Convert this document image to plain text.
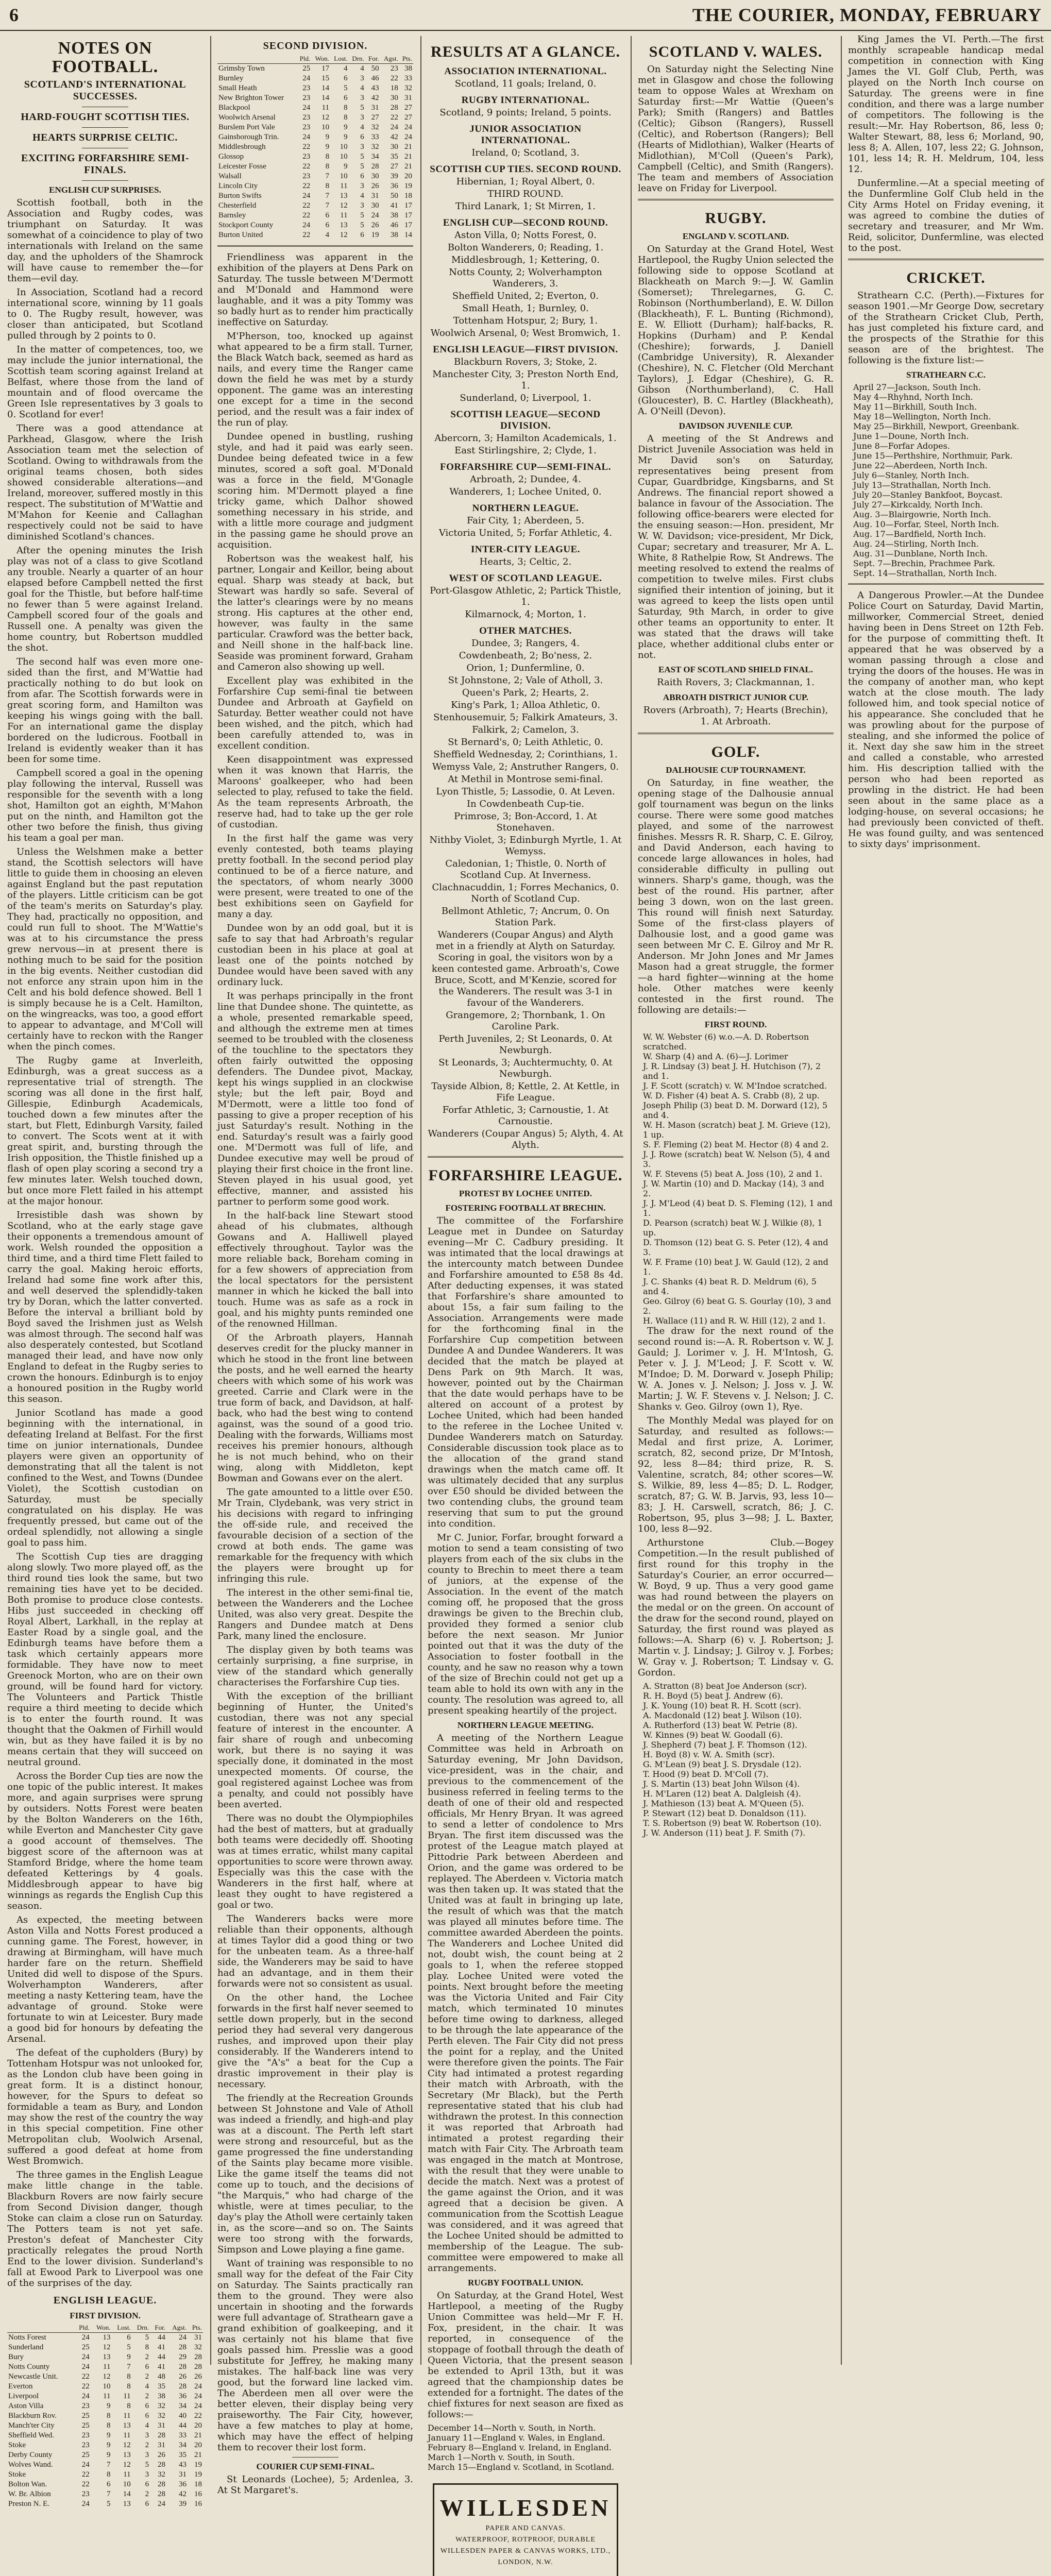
6	THE COURIER, MONDAY, FEBRUARY
NOTES ON FOOTBALL.
SCOTLAND'S INTERNATIONAL SUCCESSES.
HARD-FOUGHT SCOTTISH TIES.
HEARTS SURPRISE CELTIC.
EXCITING FORFARSHIRE SEMI-FINALS.
ENGLISH CUP SURPRISES.

Scottish football, both in the Association and Rugby codes, was triumphant on Saturday. It was somewhat of a coincidence to play of two internationals with Ireland on the same day, and the upholders of the Shamrock will have cause to remember the—for them—evil day.

In Association, Scotland had a record international score, winning by 11 goals to 0. The Rugby result, however, was closer than anticipated, but Scotland pulled through by 2 points to 0.

In the matter of competences, too, we may include the junior international, the Scottish team scoring against Ireland at Belfast, where those from the land of mountain and of flood overcame the Green Isle representatives by 3 goals to 0. Scotland for ever!

There was a good attendance at Parkhead, Glasgow, where the Irish Association team met the selection of Scotland. Owing to withdrawals from the original teams chosen, both sides showed considerable alterations—and Ireland, moreover, suffered mostly in this respect. The substitution of M'Wattie and M'Mahon for Keenie and Callaghan respectively could not be said to have diminished Scotland's chances.

After the opening minutes the Irish play was not of a class to give Scotland any trouble. Nearly a quarter of an hour elapsed before Campbell netted the first goal for the Thistle, but before half-time no fewer than 5 were against Ireland. Campbell scored four of the goals and Russell one. A penalty was given the home country, but Robertson muddled the shot.

The second half was even more one-sided than the first, and M'Wattie had practically nothing to do but look on from afar. The Scottish forwards were in great scoring form, and Hamilton was keeping his wings going with the ball. For an international game the display bordered on the ludicrous. Football in Ireland is evidently weaker than it has been for some time.

Campbell scored a goal in the opening play following the interval, Russell was responsible for the seventh with a long shot, Hamilton got an eighth, M'Mahon put on the ninth, and Hamilton got the other two before the finish, thus giving his team a goal per man.

Unless the Welshmen make a better stand, the Scottish selectors will have little to guide them in choosing an eleven against England but the past reputation of the players. Little criticism can be got of the team's merits on Saturday's play. They had, practically no opposition, and could run full to shoot. The M'Wattie's was at to his circumstance the press grew nervous—in at present there is nothing much to be said for the position in the big events. Neither custodian did not enforce any strain upon him in the Celt and his bold defence showed. Bell 1 is simply because he is a Celt. Hamilton, on the wingreacks, was too, a good effort to appear to advantage, and M'Coll will certainly have to reckon with the Ranger when the pinch comes.

The Rugby game at Inverleith, Edinburgh, was a great success as a representative trial of strength. The scoring was all done in the first half, Gillespie, Edinburgh Academicals, touched down a few minutes after the start, but Flett, Edinburgh Varsity, failed to convert. The Scots went at it with great spirit, and, bursting through the Irish opposition, the Thistle finished up a flash of open play scoring a second try a few minutes later. Welsh touched down, but once more Flett failed in his attempt at the major honour.

Irresistible dash was shown by Scotland, who at the early stage gave their opponents a tremendous amount of work. Welsh rounded the opposition a third time, and a third time Flett failed to carry the goal. Making heroic efforts, Ireland had some fine work after this, and well deserved the splendidly-taken try by Doran, which the latter converted. Before the interval a brilliant bold by Boyd saved the Irishmen just as Welsh was almost through. The second half was also desperately contested, but Scotland managed their lead, and have now only England to defeat in the Rugby series to crown the honours. Edinburgh is to enjoy a honoured position in the Rugby world this season.

Junior Scotland has made a good beginning with the international, in defeating Ireland at Belfast. For the first time on junior internationals, Dundee players were given an opportunity of demonstrating that all the talent is not confined to the West, and Towns (Dundee Violet), the Scottish custodian on Saturday, must be specially congratulated on his display. He was frequently pressed, but came out of the ordeal splendidly, not allowing a single goal to pass him.

The Scottish Cup ties are dragging along slowly. Two more played off, as the third round ties look the same, but two remaining ties have yet to be decided. Both promise to produce close contests. Hibs just succeeded in checking off Royal Albert, Larkhall, in the replay at Easter Road by a single goal, and the Edinburgh teams have before them a task which certainly appears more formidable. They have now to meet Greenock Morton, who are on their own ground, will be found hard for victory. The Volunteers and Partick Thistle require a third meeting to decide which is to enter the fourth round. It was thought that the Oakmen of Firhill would win, but as they have failed it is by no means certain that they will succeed on neutral ground.

Across the Border Cup ties are now the one topic of the public interest. It makes more, and again surprises were sprung by outsiders. Notts Forest were beaten by the Bolton Wanderers on the 16th, while Everton and Manchester City gave a good account of themselves. The biggest score of the afternoon was at Stamford Bridge, where the home team defeated Ketterings by 4 goals. Middlesbrough appear to have big winnings as regards the English Cup this season.

As expected, the meeting between Aston Villa and Notts Forest produced a cunning game. The Forest, however, in drawing at Birmingham, will have much harder fare on the return. Sheffield United did well to dispose of the Spurs. Wolverhampton Wanderers, after meeting a nasty Kettering team, have the advantage of ground. Stoke were fortunate to win at Leicester. Bury made a good bid for honours by defeating the Arsenal.

The defeat of the cupholders (Bury) by Tottenham Hotspur was not unlooked for, as the London club have been going in great form. It is a distinct honour, however, for the Spurs to defeat so formidable a team as Bury, and London may show the rest of the country the way in this special competition. Fine other Metropolitan club, Woolwich Arsenal, suffered a good defeat at home from West Bromwich.

The three games in the English League make little change in the table. Blackburn Rovers are now fairly secure from Second Division danger, though Stoke can claim a close run on Saturday. The Potters team is not yet safe. Preston's defeat of Manchester City practically relegates the proud North End to the lower division. Sunderland's fall at Ewood Park to Liverpool was one of the surprises of the day.

ENGLISH LEAGUE.
FIRST DIVISION.
	Pld.	Won.	Lost.	Drn.	For.	Agst.	Pts.
Notts Forest	24	13	6	5	44	24	31
Sunderland	25	12	5	8	41	28	32
Bury	24	13	9	2	44	29	28
Notts County	24	11	7	6	41	28	28
Newcastle Unit.	22	12	8	2	48	26	26
Everton	22	10	8	4	35	28	24
Liverpool	24	11	11	2	38	36	24
Aston Villa	23	9	8	6	32	34	24
Blackburn Rov.	25	8	11	6	32	40	22
Manch'ter City	25	8	13	4	31	44	20
Sheffield Wed.	23	9	11	3	28	33	21
Stoke	23	9	12	2	31	34	20
Derby County	25	9	13	3	26	35	21
Wolves Wand.	24	7	12	5	28	43	19
Stoke	22	8	11	3	32	31	19
Bolton Wan.	22	6	10	6	28	36	18
W. Br. Albion	23	7	14	2	28	42	16
Preston N. E.	24	5	13	6	24	39	16
SECOND DIVISION.
	Pld.	Won.	Lost.	Drn.	For.	Agst.	Pts.
Grimsby Town	25	17	4	4	50	23	38
Burnley	24	15	6	3	46	22	33
Small Heath	23	14	5	4	43	18	32
New Brighton Tower	23	14	6	3	42	30	31
Blackpool	24	11	8	5	31	28	27
Woolwich Arsenal	23	12	8	3	27	22	27
Burslem Port Vale	23	10	9	4	32	24	24
Gainsborough Trin.	24	9	9	6	33	42	24
Middlesbrough	22	9	10	3	32	30	21
Glossop	23	8	10	5	34	35	21
Leicester Fosse	22	8	9	5	28	27	21
Walsall	23	7	10	6	30	39	20
Lincoln City	22	8	11	3	26	36	19
Burton Swifts	24	7	13	4	31	50	18
Chesterfield	22	7	12	3	30	41	17
Barnsley	22	6	11	5	24	38	17
Stockport County	24	6	13	5	26	46	17
Burton United	22	4	12	6	19	38	14

Friendliness was apparent in the exhibition of the players at Dens Park on Saturday. The tussle between M'Dermott and M'Donald and Hammond were laughable, and it was a pity Tommy was so badly hurt as to render him practically ineffective on Saturday.

M'Pherson, too, knocked up against what appeared to be a firm stall. Turner, the Black Watch back, seemed as hard as nails, and every time the Ranger came down the field he was met by a sturdy opponent. The game was an interesting one except for a time in the second period, and the result was a fair index of the run of play.

Dundee opened in bustling, rushing style, and had it paid was early seen. Dundee being defeated twice in a few minutes, scored a soft goal. M'Donald was a force in the field, M'Gonagle scoring him. M'Dermott played a fine tricky game, which Dalhor showed something necessary in his stride, and with a little more courage and judgment in the passing game he should prove an acquisition.

Robertson was the weakest half, his partner, Longair and Keillor, being about equal. Sharp was steady at back, but Stewart was hardly so safe. Several of the latter's clearings were by no means strong. His captures at the other end, however, was faulty in the same particular. Crawford was the better back, and Neill shone in the half-back line. Seaside was prominent forward, Graham and Cameron also showing up well.

Excellent play was exhibited in the Forfarshire Cup semi-final tie between Dundee and Arbroath at Gayfield on Saturday. Better weather could not have been wished, and the pitch, which had been carefully attended to, was in excellent condition.

Keen disappointment was expressed when it was known that Harris, the Maroons' goalkeeper, who had been selected to play, refused to take the field. As the team represents Arbroath, the reserve had, had to take up the ger role of custodian.

In the first half the game was very evenly contested, both teams playing pretty football. In the second period play continued to be of a fierce nature, and the spectators, of whom nearly 3000 were present, were treated to one of the best exhibitions seen on Gayfield for many a day.

Dundee won by an odd goal, but it is safe to say that had Arbroath's regular custodian been in his place at goal at least one of the points notched by Dundee would have been saved with any ordinary luck.

It was perhaps principally in the front line that Dundee shone. The quintette, as a whole, presented remarkable speed, and although the extreme men at times seemed to be troubled with the closeness of the touchline to the spectators they often fairly outwitted the opposing defenders. The Dundee pivot, Mackay, kept his wings supplied in an clockwise style; but the left pair, Boyd and M'Dermott, were a little too fond of passing to give a proper reception of his just Saturday's result. Nothing in the end. Saturday's result was a fairly good one. M'Dermott was full of life, and Dundee executive may well be proud of playing their first choice in the front line. Steven played in his usual good, yet effective, manner, and assisted his partner to perform some good work.

In the half-back line Stewart stood ahead of his clubmates, although Gowans and A. Halliwell played effectively throughout. Taylor was the more reliable back, Boreham coming in for a few showers of appreciation from the local spectators for the persistent manner in which he kicked the ball into touch. Hume was as safe as a rock in goal, and his mighty punts reminded one of the renowned Hillman.

Of the Arbroath players, Hannah deserves credit for the plucky manner in which he stood in the front line between the posts, and he well earned the hearty cheers with which some of his work was greeted. Carrie and Clark were in the true form of back, and Davidson, at half-back, who had the best wing to contend against, was the sound of a good trio. Dealing with the forwards, Williams most receives his premier honours, although he is not much behind, who on their wing, along with Middleton, kept Bowman and Gowans ever on the alert.

The gate amounted to a little over £50. Mr Train, Clydebank, was very strict in his decisions with regard to infringing the off-side rule, and received the favourable decision of a section of the crowd at both ends. The game was remarkable for the frequency with which the players were brought up for infringing this rule.

The interest in the other semi-final tie, between the Wanderers and the Lochee United, was also very great. Despite the Rangers and Dundee match at Dens Park, many lined the enclosure.

The display given by both teams was certainly surprising, a fine surprise, in view of the standard which generally characterises the Forfarshire Cup ties.

With the exception of the brilliant beginning of Hunter, the United's custodian, there was not any special feature of interest in the encounter. A fair share of rough and unbecoming work, but there is no saying it was specially done, it dominated in the most unexpected moments. Of course, the goal registered against Lochee was from a penalty, and could not possibly have been averted.

There was no doubt the Olympiophiles had the best of matters, but at gradually both teams were decidedly off. Shooting was at times erratic, whilst many capital opportunities to score were thrown away. Especially was this the case with the Wanderers in the first half, where at least they ought to have registered a goal or two.

The Wanderers backs were more reliable than their opponents, although at times Taylor did a good thing or two for the unbeaten team. As a three-half side, the Wanderers may be said to have had an advantage, and in them their forwards were not so consistent as usual.

On the other hand, the Lochee forwards in the first half never seemed to settle down properly, but in the second period they had several very dangerous rushes, and improved upon their play considerably. If the Wanderers intend to give the "A's" a beat for the Cup a drastic improvement in their play is necessary.

The friendly at the Recreation Grounds between St Johnstone and Vale of Atholl was indeed a friendly, and high-and play was at a discount. The Perth left start were strong and resourceful, but as the game progressed the fine understanding of the Saints play became more visible. Like the game itself the teams did not come up to touch, and the decisions of "the Marquis," who had charge of the whistle, were at times peculiar, to the day's play the Atholl were certainly taken in, as the score—and so on. The Saints were too strong with the forwards, Simpson and Lowe playing a fine game.

Want of training was responsible to no small way for the defeat of the Fair City on Saturday. The Saints practically ran them to the ground. They were also uncertain in shooting and the forwards were full advantage of. Strathearn gave a grand exhibition of goalkeeping, and it was certainly not his blame that five goals passed him. Presslie was a good substitute for Jeffrey, he making many mistakes. The half-back line was very good, but the forward line lacked vim. The Aberdeen men all over were the better eleven, their display being very praiseworthy. The Fair City, however, have a few matches to play at home, which may have the effect of helping them to recover their lost form.

COURIER CUP SEMI-FINAL.

St Leonards (Lochee), 5; Ardenlea, 3. At St Margaret's.

RESULTS AT A GLANCE.
ASSOCIATION INTERNATIONAL.
Scotland, 11 goals; Ireland, 0.
RUGBY INTERNATIONAL.
Scotland, 9 points; Ireland, 5 points.
JUNIOR ASSOCIATION INTERNATIONAL.
Ireland, 0; Scotland, 3.
SCOTTISH CUP TIES. SECOND ROUND.
Hibernian, 1; Royal Albert, 0.
THIRD ROUND.
Third Lanark, 1; St Mirren, 1.
ENGLISH CUP—SECOND ROUND.
Aston Villa, 0; Notts Forest, 0.
Bolton Wanderers, 0; Reading, 1.
Middlesbrough, 1; Kettering, 0.
Notts County, 2; Wolverhampton Wanderers, 3.
Sheffield United, 2; Everton, 0.
Small Heath, 1; Burnley, 0.
Tottenham Hotspur, 2; Bury, 1.
Woolwich Arsenal, 0; West Bromwich, 1.
ENGLISH LEAGUE—FIRST DIVISION.
Blackburn Rovers, 3; Stoke, 2.
Manchester City, 3; Preston North End, 1.
Sunderland, 0; Liverpool, 1.
SCOTTISH LEAGUE—SECOND DIVISION.
Abercorn, 3; Hamilton Academicals, 1.
East Stirlingshire, 2; Clyde, 1.
FORFARSHIRE CUP—SEMI-FINAL.
Arbroath, 2; Dundee, 4.
Wanderers, 1; Lochee United, 0.
NORTHERN LEAGUE.
Fair City, 1; Aberdeen, 5.
Victoria United, 5; Forfar Athletic, 4.
INTER-CITY LEAGUE.
Hearts, 3; Celtic, 2.
WEST OF SCOTLAND LEAGUE.
Port-Glasgow Athletic, 2; Partick Thistle, 1.
Kilmarnock, 4; Morton, 1.
OTHER MATCHES.
Dundee, 3; Rangers, 4.
Cowdenbeath, 2; Bo'ness, 2.
Orion, 1; Dunfermline, 0.
St Johnstone, 2; Vale of Atholl, 3.
Queen's Park, 2; Hearts, 2.
King's Park, 1; Alloa Athletic, 0.
Stenhousemuir, 5; Falkirk Amateurs, 3.
Falkirk, 2; Camelon, 3.
St Bernard's, 0; Leith Athletic, 0.
Sheffield Wednesday, 2; Corinthians, 1.
Wemyss Vale, 2; Anstruther Rangers, 0.
At Methil in Montrose semi-final.
Lyon Thistle, 5; Lassodie, 0. At Leven.
In Cowdenbeath Cup-tie.
Primrose, 3; Bon-Accord, 1. At Stonehaven.
Nithby Violet, 3; Edinburgh Myrtle, 1. At Wemyss.
Caledonian, 1; Thistle, 0. North of Scotland Cup. At Inverness.
Clachnacuddin, 1; Forres Mechanics, 0. North of Scotland Cup.
Bellmont Athletic, 7; Ancrum, 0. On Station Park.
Wanderers (Coupar Angus) and Alyth met in a friendly at Alyth on Saturday. Scoring in goal, the visitors won by a keen contested game. Arbroath's, Cowe Bruce, Scott, and M'Kenzie, scored for the Wanderers. The result was 3-1 in favour of the Wanderers.
Grangemore, 2; Thornbank, 1. On Caroline Park.
Perth Juveniles, 2; St Leonards, 0. At Newburgh.
St Leonards, 3; Auchtermuchty, 0. At Newburgh.
Tayside Albion, 8; Kettle, 2. At Kettle, in Fife League.
Forfar Athletic, 3; Carnoustie, 1. At Carnoustie.
Wanderers (Coupar Angus) 5; Alyth, 4. At Alyth.
FORFARSHIRE LEAGUE.
PROTEST BY LOCHEE UNITED.
FOSTERING FOOTBALL AT BRECHIN.

The committee of the Forfarshire League met in Dundee on Saturday evening—Mr C. Cadbury presiding. It was intimated that the local drawings at the intercounty match between Dundee and Forfarshire amounted to £58 8s 4d. After deducting expenses, it was stated that Forfarshire's share amounted to about 15s, a fair sum failing to the Association. Arrangements were made for the forthcoming final in the Forfarshire Cup competition between Dundee A and Dundee Wanderers. It was decided that the match be played at Dens Park on 9th March. It was, however, pointed out by the Chairman that the date would perhaps have to be altered on account of a protest by Lochee United, which had been handed to the referee in the Lochee United v. Dundee Wanderers match on Saturday. Considerable discussion took place as to the allocation of the grand stand drawings when the match came off. It was ultimately decided that any surplus over £50 should be divided between the two contending clubs, the ground team reserving that sum to put the ground into condition.

Mr C. Junior, Forfar, brought forward a motion to send a team consisting of two players from each of the six clubs in the county to Brechin to meet there a team of juniors, at the expense of the Association. In the event of the match coming off, he proposed that the gross drawings be given to the Brechin club, provided they formed a senior club before the next season. Mr Junior pointed out that it was the duty of the Association to foster football in the county, and he saw no reason why a town of the size of Brechin could not get up a team able to hold its own with any in the county. The resolution was agreed to, all present speaking heartily of the project.

NORTHERN LEAGUE MEETING.

A meeting of the Northern League Committee was held in Arbroath on Saturday evening, Mr John Davidson, vice-president, was in the chair, and previous to the commencement of the business referred in feeling terms to the death of one of their old and respected officials, Mr Henry Bryan. It was agreed to send a letter of condolence to Mrs Bryan. The first item discussed was the protest of the League match played at Pittodrie Park between Aberdeen and Orion, and the game was ordered to be replayed. The Aberdeen v. Victoria match was then taken up. It was stated that the United was at fault in bringing up late, the result of which was that the match was played all minutes before time. The committee awarded Aberdeen the points. The Wanderers and Lochee United did not, doubt wish, the count being at 2 goals to 1, when the referee stopped play. Lochee United were voted the points. Next brought before the meeting was the Victoria United and Fair City match, which terminated 10 minutes before time owing to darkness, alleged to be through the late appearance of the Perth eleven. The Fair City did not press the point for a replay, and the United were therefore given the points. The Fair City had intimated a protest regarding their match with Arbroath, with the Secretary (Mr Black), but the Perth representative stated that his club had withdrawn the protest. In this connection it was reported that Arbroath had intimated a protest regarding their match with Fair City. The Arbroath team was engaged in the match at Montrose, with the result that they were unable to decide the match. Next was a protest of the game against the Orion, and it was agreed that a decision be given. A communication from the Scottish League was considered, and it was agreed that the Lochee United should be admitted to membership of the League. The sub-committee were empowered to make all arrangements.

RUGBY FOOTBALL UNION.

On Saturday, at the Grand Hotel, West Hartlepool, a meeting of the Rugby Union Committee was held—Mr F. H. Fox, president, in the chair. It was reported, in consequence of the stoppage of football through the death of Queen Victoria, that the present season be extended to April 13th, but it was agreed that the championship dates be extended for a fortnight. The dates of the chief fixtures for next season are fixed as follows:—

December 14—North v. South, in North.

January 11—England v. Wales, in England.

February 8—England v. Ireland, in England.

March 1—North v. South, in South.

March 15—England v. Scotland, in Scotland.

WILLESDEN
PAPER AND CANVAS.
WATERPROOF, ROTPROOF, DURABLE
WILLESDEN PAPER & CANVAS WORKS, LTD.,
LONDON, N.W.
SCOTLAND V. WALES.

On Saturday night the Selecting Nine met in Glasgow and chose the following team to oppose Wales at Wrexham on Saturday first:—Mr Wattie (Queen's Park); Smith (Rangers) and Battles (Celtic); Gibson (Rangers), Russell (Celtic), and Robertson (Rangers); Bell (Hearts of Midlothian), Walker (Hearts of Midlothian), M'Coll (Queen's Park), Campbell (Celtic), and Smith (Rangers). The team and members of Association leave on Friday for Liverpool.

RUGBY.
ENGLAND V. SCOTLAND.

On Saturday at the Grand Hotel, West Hartlepool, the Rugby Union selected the following side to oppose Scotland at Blackheath on March 9:—J. W. Gamlin (Somerset); Threlegarnes, G. C. Robinson (Northumberland), E. W. Dillon (Blackheath), F. L. Bunting (Richmond), E. W. Elliott (Durham); half-backs, R. Hopkins (Durham) and P. Kendal (Cheshire); forwards, J. Daniell (Cambridge University), R. Alexander (Cheshire), N. C. Fletcher (Old Merchant Taylors), J. Edgar (Cheshire), G. R. Gibson (Northumberland), C. Hall (Gloucester), B. C. Hartley (Blackheath), A. O'Neill (Devon).

DAVIDSON JUVENILE CUP.

A meeting of the St Andrews and District Juvenile Association was held in Mr David son's on Saturday, representatives being present from Cupar, Guardbridge, Kingsbarns, and St Andrews. The financial report showed a balance in favour of the Association. The following office-bearers were elected for the ensuing season:—Hon. president, Mr W. W. Davidson; vice-president, Mr Dick, Cupar; secretary and treasurer, Mr A. L. White, 8 Rathelpie Row, St Andrews. The meeting resolved to extend the realms of competition to twelve miles. First clubs signified their intention of joining, but it was agreed to keep the lists open until Saturday, 9th March, in order to give other teams an opportunity to enter. It was stated that the draws will take place, whether additional clubs enter or not.

EAST OF SCOTLAND SHIELD FINAL.

Raith Rovers, 3; Clackmannan, 1.

ABROATH DISTRICT JUNIOR CUP.

Rovers (Arbroath), 7; Hearts (Brechin), 1. At Arbroath.

GOLF.
DALHOUSIE CUP TOURNAMENT.

On Saturday, in fine weather, the opening stage of the Dalhousie annual golf tournament was begun on the links course. There were some good matches played, and some of the narrowest finishes. Messrs R. R. Sharp, C. E. Gilroy, and David Anderson, each having to concede large allowances in holes, had considerable difficulty in pulling out winners. Sharp's game, though, was the best of the round. His partner, after being 3 down, won on the last green. This round will finish next Saturday. Some of the first-class players of Dalhousie lost, and a good game was seen between Mr C. E. Gilroy and Mr R. Anderson. Mr John Jones and Mr James Mason had a great struggle, the former—a hard fighter—winning at the home hole. Other matches were keenly contested in the first round. The following are details:—

FIRST ROUND.
W. W. Webster (6) w.o.—A. D. Robertson scratched.
W. Sharp (4) and A. (6)—J. Lorimer
J. R. Lindsay (3) beat J. H. Hutchison (7), 2 and 1.
J. F. Scott (scratch) v. W. M'Indoe scratched.
W. D. Fisher (4) beat A. S. Crabb (8), 2 up.
Joseph Philip (3) beat D. M. Dorward (12), 5 and 4.
W. H. Mason (scratch) beat J. M. Grieve (12), 1 up.
S. F. Fleming (2) beat M. Hector (8) 4 and 2.
J. J. Rowe (scratch) beat W. Nelson (5), 4 and 3.
W. F. Stevens (5) beat A. Joss (10), 2 and 1.
J. W. Martin (10) and D. Mackay (14), 3 and 2.
J. J. M'Leod (4) beat D. S. Fleming (12), 1 and 1.
D. Pearson (scratch) beat W. J. Wilkie (8), 1 up.
D. Thomson (12) beat G. S. Peter (12), 4 and 3.
W. F. Frame (10) beat J. W. Gauld (12), 2 and 1.
J. C. Shanks (4) beat R. D. Meldrum (6), 5 and 4.
Geo. Gilroy (6) beat G. S. Gourlay (10), 3 and 2.
H. Wallace (11) and R. W. Hill (12), 2 and 1.

The draw for the next round of the second round is:—A. R. Robertson v. W. J. Gauld; J. Lorimer v. J. H. M'Intosh, G. Peter v. J. J. M'Leod; J. F. Scott v. W. M'Indoe; D. M. Dorward v. Joseph Philip; W. A. Jones v. J. Nelson; J. Joss v. J. W. Martin; J. W. F. Stevens v. J. Nelson; J. C. Shanks v. Geo. Gilroy (own 1), Rye.

The Monthly Medal was played for on Saturday, and resulted as follows:—Medal and first prize, A. Lorimer, scratch, 82, second prize, Dr M'Intosh, 92, less 8—84; third prize, R. S. Valentine, scratch, 84; other scores—W. S. Wilkie, 89, less 4—85; D. L. Rodger, scratch, 87; G. W. B. Jarvis, 93, less 10—83; J. H. Carswell, scratch, 86; J. C. Robertson, 95, plus 3—98; J. L. Baxter, 100, less 8—92.

Arthurstone Club.—Bogey Competition.—In the result published of first round for this trophy in the Saturday's Courier, an error occurred—W. Boyd, 9 up. Thus a very good game was had round between the players on the medal or on the green. On account of the draw for the second round, played on Saturday, the first round was played as follows:—A. Sharp (6) v. J. Robertson; J. Martin v. J. Lindsay; J. Gilroy v. J. Forbes; W. Gray v. J. Robertson; T. Lindsay v. G. Gordon.

A. Stratton (8) beat Joe Anderson (scr).
R. H. Boyd (5) beat J. Andrew (6).
J. K. Young (10) beat R. H. Scott (scr).
A. Macdonald (12) beat J. Wilson (10).
A. Rutherford (13) beat W. Petrie (8).
W. Kinnes (9) beat W. Goodall (6).
J. Shepherd (7) beat J. F. Thomson (12).
H. Boyd (8) v. W. A. Smith (scr).
G. M'Lean (9) beat J. S. Drysdale (12).
T. Hood (9) beat D. M'Coll (7).
J. S. Martin (13) beat John Wilson (4).
H. M'Laren (12) beat A. Dalgleish (4).
J. Mathieson (13) beat A. M'Queen (5).
P. Stewart (12) beat D. Donaldson (11).
T. S. Robertson (9) beat W. Robertson (10).
J. W. Anderson (11) beat J. F. Smith (7).

King James the VI. Perth.—The first monthly scrapeable handicap medal competition in connection with King James the VI. Golf Club, Perth, was played on the North Inch course on Saturday. The greens were in fine condition, and there was a large number of competitors. The following is the result:—Mr. Hay Robertson, 86, less 0; Walter Stewart, 88, less 6; Morland, 90, less 8; A. Allen, 107, less 22; G. Johnson, 101, less 14; R. H. Meldrum, 104, less 12.

Dunfermline.—At a special meeting of the Dunfermline Golf Club held in the City Arms Hotel on Friday evening, it was agreed to combine the duties of secretary and treasurer, and Mr Wm. Reid, solicitor, Dunfermline, was elected to the post.

CRICKET.

Strathearn C.C. (Perth).—Fixtures for season 1901.—Mr George Dow, secretary of the Strathearn Cricket Club, Perth, has just completed his fixture card, and the prospects of the Strathie for this season are of the brightest. The following is the fixture list:—

STRATHEARN C.C.
April 27—Jackson, South Inch.
May 4—Rhyhnd, North Inch.
May 11—Birkhill, South Inch.
May 18—Wellington, North Inch.
May 25—Birkhill, Newport, Greenbank.
June 1—Doune, North Inch.
June 8—Forfar Adopes.
June 15—Perthshire, Northmuir, Park.
June 22—Aberdeen, North Inch.
July 6—Stanley, North Inch.
July 13—Strathallan, North Inch.
July 20—Stanley Bankfoot, Boycast.
July 27—Kirkcaldy, North Inch.
Aug. 3—Blairgowrie, North Inch.
Aug. 10—Forfar, Steel, North Inch.
Aug. 17—Bardfield, North Inch.
Aug. 24—Stirling, North Inch.
Aug. 31—Dunblane, North Inch.
Sept. 7—Brechin, Prachmee Park.
Sept. 14—Strathallan, North Inch.

A Dangerous Prowler.—At the Dundee Police Court on Saturday, David Martin, millworker, Commercial Street, denied having been in Dens Street on 12th Feb. for the purpose of committing theft. It appeared that he was observed by a woman passing through a close and trying the doors of the houses. He was in the company of another man, who kept watch at the close mouth. The lady followed him, and took special notice of his appearance. She concluded that he was prowling about for the purpose of stealing, and she informed the police of it. Next day she saw him in the street and called a constable, who arrested him. His description tallied with the person who had been reported as prowling in the district. He had been seen about in the same place as a lodging-house, on several occasions; he had previously been convicted of theft. He was found guilty, and was sentenced to sixty days' imprisonment.
